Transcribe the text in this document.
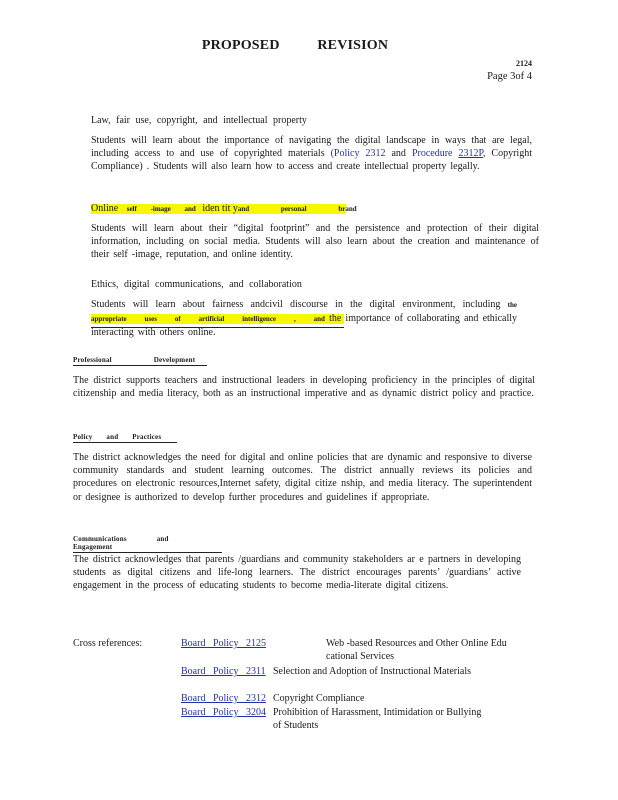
PROPOSED REVISION
2124
Page 3of 4
Law, fair use, copyright, and intellectual property
Students will learn about the importance of navigating the digital landscape in ways that are legal, including access to and use of copyrighted materials (Policy 2312 and Procedure 2312P, Copyright Compliance) . Students will also learn how to access and create intellectual property legally.
Online self -image and iden tit yand personal brand
Students will learn about their “digital footprint” and the persistence and protection of their digital information, including on social media. Students will also learn about the creation and maintenance of their self -image, reputation, and online identity.
Ethics, digital communications, and collaboration
Students will learn about fairness andcivil discourse in the digital environment, including the appropriate uses of artificial intelligence , and the importance of collaborating and ethically interacting with others online.
Professional Development
The district supports teachers and instructional leaders in developing proficiency in the principles of digital citizenship and media literacy, both as an instructional imperative and as dynamic district policy and practice.
Policy and Practices
The district acknowledges the need for digital and online policies that are dynamic and responsive to diverse community standards and student learning outcomes. The district annually reviews its policies and procedures on electronic resources,Internet safety, digital citize nship, and media literacy. The superintendent or designee is authorized to develop further procedures and guidelines if appropriate.
Communications and Engagement
The district acknowledges that parents /guardians and community stakeholders ar e partners in developing students as digital citizens and life-long learners. The district encourages parents’ /guardians’ active engagement in the process of educating students to become media-literate digital citizens.
Cross references:	Board Policy 2125	Web -based Resources and Other Online Edu cational Services
Board Policy 2311 Selection and Adoption of Instructional Materials
Board Policy 2312 Copyright Compliance
Board Policy 3204 Prohibition of Harassment, Intimidation or Bullying of Students
